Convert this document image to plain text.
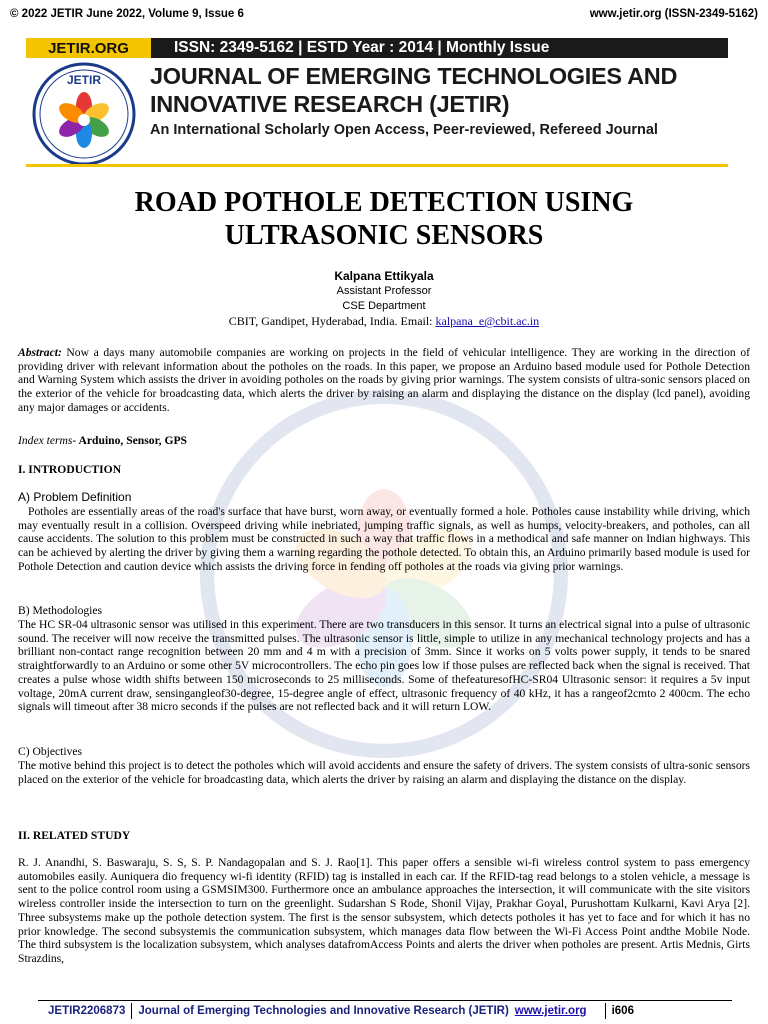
© 2022 JETIR June 2022, Volume 9, Issue 6	www.jetir.org (ISSN-2349-5162)
JETIR.ORG	ISSN: 2349-5162 | ESTD Year : 2014 | Monthly Issue
JETIR JOURNAL OF EMERGING TECHNOLOGIES AND
INNOVATIVE RESEARCH (JETIR)
An International Scholarly Open Access, Peer-reviewed, Refereed Journal
ROAD POTHOLE DETECTION USING
ULTRASONIC SENSORS
Kalpana Ettikyala
Assistant Professor
CSE Department
CBIT, Gandipet, Hyderabad, India. Email: kalpana_e@cbit.ac.in

Abstract: Now a days many automobile companies are working on projects in the field of vehicular intelligence. They are working in the direction of providing driver with relevant information about the potholes on the roads. In this paper, we propose an Arduino based module used for Pothole Detection and Warning System which assists the driver in avoiding potholes on the roads by giving prior warnings. The system consists of ultra-sonic sensors placed on the exterior of the vehicle for broadcasting data, which alerts the driver by raising an alarm and displaying the distance on the display (lcd panel), avoiding any major damages or accidents.

Index terms- Arduino, Sensor, GPS

I. INTRODUCTION

A) Problem Definition

Potholes are essentially areas of the road's surface that have burst, worn away, or eventually formed a hole. Potholes cause instability while driving, which may eventually result in a collision. Overspeed driving while inebriated, jumping traffic signals, as well as humps, velocity-breakers, and potholes, can all cause accidents. The solution to this problem must be constructed in such a way that traffic flows in a methodical and safe manner on Indian highways. This can be achieved by alerting the driver by giving them a warning regarding the pothole detected. To obtain this, an Arduino primarily based module is used for Pothole Detection and caution device which assists the driving force in fending off potholes at the roads via giving prior warnings.

B) Methodologies

The HC SR-04 ultrasonic sensor was utilised in this experiment. There are two transducers in this sensor. It turns an electrical signal into a pulse of ultrasonic sound. The receiver will now receive the transmitted pulses. The ultrasonic sensor is little, simple to utilize in any mechanical technology projects and has a brilliant non-contact range recognition between 20 mm and 4 m with a precision of 3mm. Since it works on 5 volts power supply, it tends to be snared straightforwardly to an Arduino or some other 5V microcontrollers. The echo pin goes low if those pulses are reflected back when the signal is received. That creates a pulse whose width shifts between 150 microseconds to 25 milliseconds. Some of thefeaturesofHC-SR04 Ultrasonic sensor: it requires a 5v input voltage, 20mA current draw, sensingangleof30-degree, 15-degree angle of effect, ultrasonic frequency of 40 kHz, it has a rangeof2cmto 2 400cm. The echo signals will timeout after 38 micro seconds if the pulses are not reflected back and it will return LOW.

C) Objectives

The motive behind this project is to detect the potholes which will avoid accidents and ensure the safety of drivers. The system consists of ultra-sonic sensors placed on the exterior of the vehicle for broadcasting data, which alerts the driver by raising an alarm and displaying the distance on the display.

II. RELATED STUDY

R. J. Anandhi, S. Baswaraju, S. S, S. P. Nandagopalan and S. J. Rao[1]. This paper offers a sensible wi-fi wireless control system to pass emergency automobiles easily. Auniquera dio frequency wi-fi identity (RFID) tag is installed in each car. If the RFID-tag read belongs to a stolen vehicle, a message is sent to the police control room using a GSMSIM300. Furthermore once an ambulance approaches the intersection, it will communicate with the site visitors wireless controller inside the intersection to turn on the greenlight. Sudarshan S Rode, Shonil Vijay, Prakhar Goyal, Purushottam Kulkarni, Kavi Arya [2]. Three subsystems make up the pothole detection system. The first is the sensor subsystem, which detects potholes it has yet to face and for which it has no prior knowledge. The second subsystemis the communication subsystem, which manages data flow between the Wi-Fi Access Point andthe Mobile Node. The third subsystem is the localization subsystem, which analyses datafromAccess Points and alerts the driver when potholes are present. Artis Mednis, Girts Strazdins,

JETIR2206873	Journal of Emerging Technologies and Innovative Research (JETIR) www.jetir.org	i606
